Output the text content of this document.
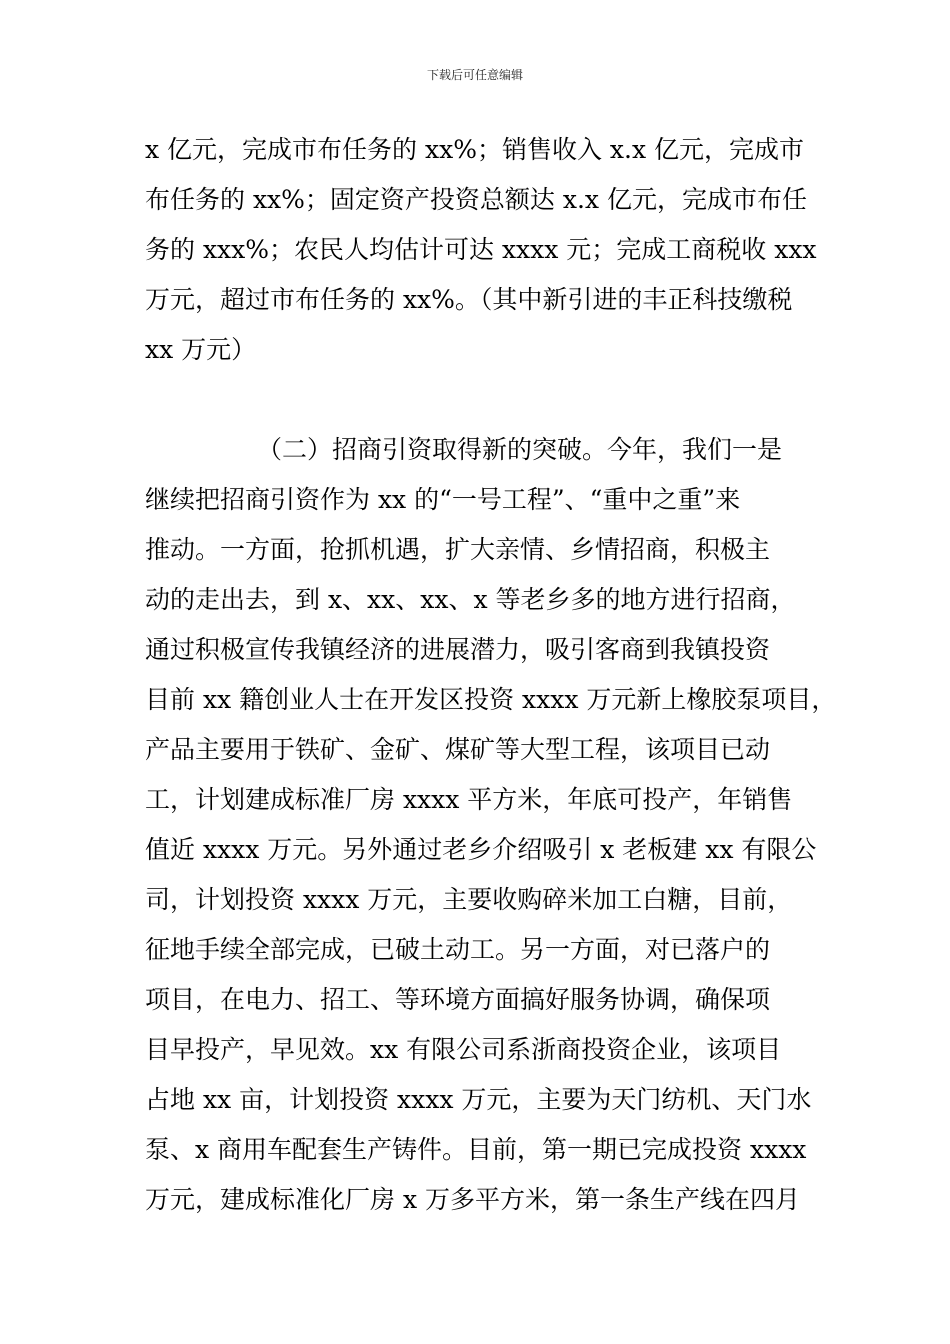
下载后可任意编辑
x 亿元，完成市布任务的 xx%；销售收入 x.x 亿元，完成市
布任务的 xx%；固定资产投资总额达 x.x 亿元，完成市布任
务的 xxx%；农民人均估计可达 xxxx 元；完成工商税收 xxx
万元，超过市布任务的 xx%。（其中新引进的丰正科技缴税
xx 万元）
（二）招商引资取得新的突破。今年，我们一是
继续把招商引资作为 xx 的“一号工程”、“重中之重”来
推动。一方面，抢抓机遇，扩大亲情、乡情招商，积极主
动的走出去，到 x、xx、xx、x 等老乡多的地方进行招商，
通过积极宣传我镇经济的进展潜力，吸引客商到我镇投资
目前 xx 籍创业人士在开发区投资 xxxx 万元新上橡胶泵项目，
产品主要用于铁矿、金矿、煤矿等大型工程，该项目已动
工，计划建成标准厂房 xxxx 平方米，年底可投产，年销售
值近 xxxx 万元。另外通过老乡介绍吸引 x 老板建 xx 有限公
司，计划投资 xxxx 万元，主要收购碎米加工白糖，目前，
征地手续全部完成，已破土动工。另一方面，对已落户的
项目，在电力、招工、等环境方面搞好服务协调，确保项
目早投产，早见效。xx 有限公司系浙商投资企业，该项目
占地 xx 亩，计划投资 xxxx 万元，主要为天门纺机、天门水
泵、x 商用车配套生产铸件。目前，第一期已完成投资 xxxx
万元，建成标准化厂房 x 万多平方米，第一条生产线在四月
